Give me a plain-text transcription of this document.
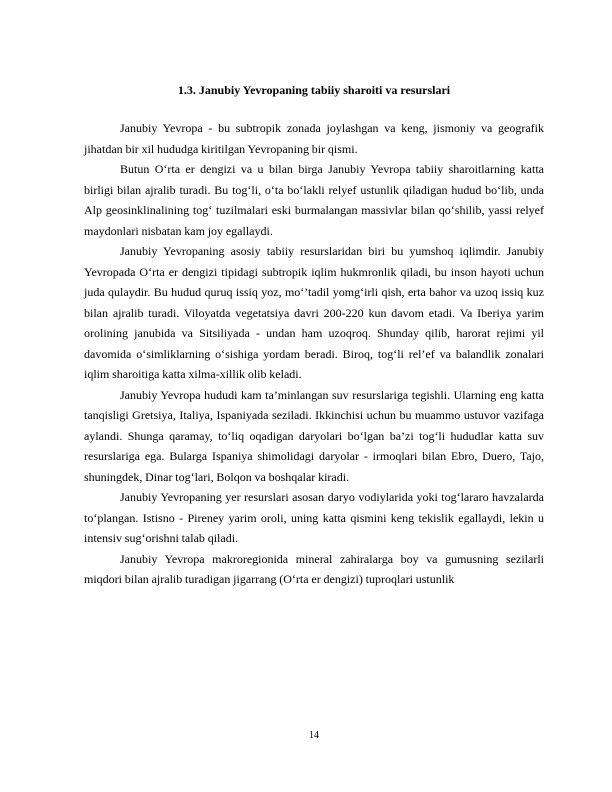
1.3. Janubiy Yevropaning tabiiy sharoiti va resurslari

Janubiy Yevropa - bu subtropik zonada joylashgan va keng, jismoniy va geografik jihatdan bir xil hududga kiritilgan Yevropaning bir qismi.

Butun O‘rta er dengizi va u bilan birga Janubiy Yevropa tabiiy sharoitlarning katta birligi bilan ajralib turadi. Bu tog‘li, o‘ta bo‘lakli relyef ustunlik qiladigan hudud bo‘lib, unda Alp geosinklinalining tog‘ tuzilmalari eski burmalangan massivlar bilan qo‘shilib, yassi relyef maydonlari nisbatan kam joy egallaydi.

Janubiy Yevropaning asosiy tabiiy resurslaridan biri bu yumshoq iqlimdir. Janubiy Yevropada O‘rta er dengizi tipidagi subtropik iqlim hukmronlik qiladi, bu inson hayoti uchun juda qulaydir. Bu hudud quruq issiq yoz, mo‘’tadil yomg‘irli qish, erta bahor va uzoq issiq kuz bilan ajralib turadi. Viloyatda vegetatsiya davri 200-220 kun davom etadi. Va Iberiya yarim orolining janubida va Sitsiliyada - undan ham uzoqroq. Shunday qilib, harorat rejimi yil davomida o‘simliklarning o‘sishiga yordam beradi. Biroq, tog‘li rel’ef va balandlik zonalari iqlim sharoitiga katta xilma-xillik olib keladi.

Janubiy Yevropa hududi kam ta’minlangan suv resurslariga tegishli. Ularning eng katta tanqisligi Gretsiya, Italiya, Ispaniyada seziladi. Ikkinchisi uchun bu muammo ustuvor vazifaga aylandi. Shunga qaramay, to‘liq oqadigan daryolari bo‘lgan ba’zi tog‘li hududlar katta suv resurslariga ega. Bularga Ispaniya shimolidagi daryolar - irmoqlari bilan Ebro, Duero, Tajo, shuningdek, Dinar tog‘lari, Bolqon va boshqalar kiradi.

Janubiy Yevropaning yer resurslari asosan daryo vodiylarida yoki tog‘lararo havzalarda to‘plangan. Istisno - Pireney yarim oroli, uning katta qismini keng tekislik egallaydi, lekin u intensiv sug‘orishni talab qiladi.

Janubiy Yevropa makroregionida mineral zahiralarga boy va gumusning sezilarli miqdori bilan ajralib turadigan jigarrang (O‘rta er dengizi) tuproqlari ustunlik

14
